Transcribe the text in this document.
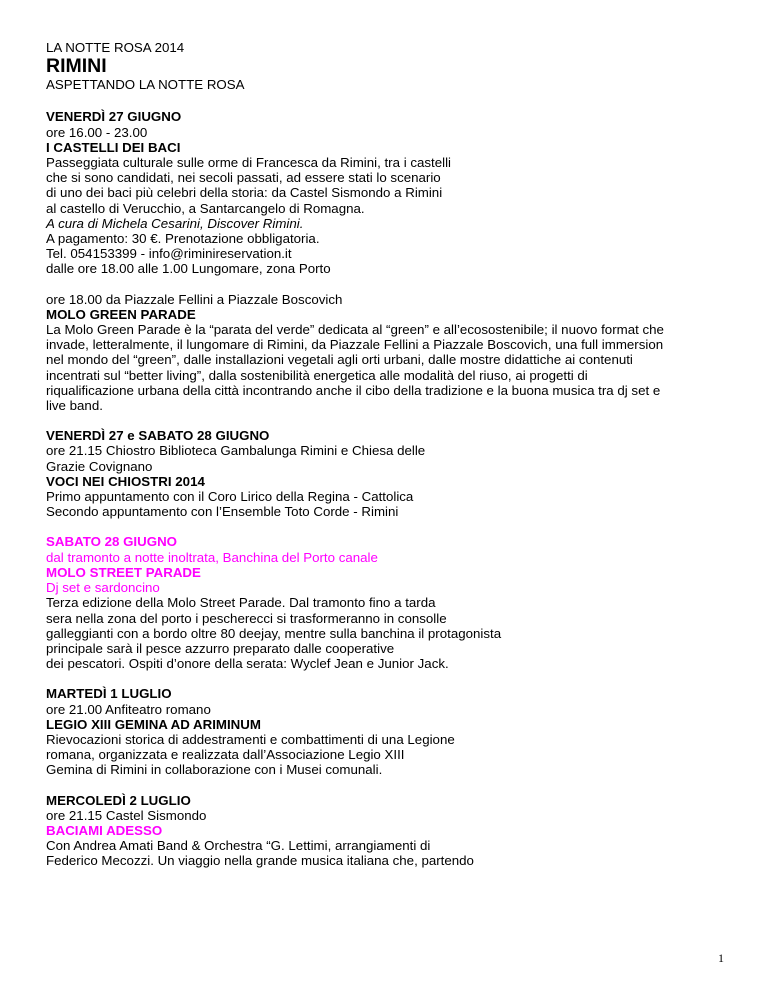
LA NOTTE ROSA 2014

RIMINI

ASPETTANDO LA NOTTE ROSA

VENERDÌ 27 GIUGNO

ore 16.00 - 23.00

I CASTELLI DEI BACI

Passeggiata culturale sulle orme di Francesca da Rimini, tra i castelli

che si sono candidati, nei secoli passati, ad essere stati lo scenario

di uno dei baci più celebri della storia: da Castel Sismondo a Rimini

al castello di Verucchio, a Santarcangelo di Romagna.

A cura di Michela Cesarini, Discover Rimini.

A pagamento: 30 €. Prenotazione obbligatoria.

Tel. 054153399 - info@riminireservation.it

dalle ore 18.00 alle 1.00 Lungomare, zona Porto

ore 18.00 da Piazzale Fellini a Piazzale Boscovich

MOLO GREEN PARADE

La Molo Green Parade è la “parata del verde” dedicata al “green” e all’ecosostenibile; il nuovo format che

invade, letteralmente, il lungomare di Rimini, da Piazzale Fellini a Piazzale Boscovich, una full immersion

nel mondo del “green”, dalle installazioni vegetali agli orti urbani, dalle mostre didattiche ai contenuti

incentrati sul “better living”, dalla sostenibilità energetica alle modalità del riuso, ai progetti di

riqualificazione urbana della città incontrando anche il cibo della tradizione e la buona musica tra dj set e

live band.

VENERDÌ 27 e SABATO 28 GIUGNO

ore 21.15 Chiostro Biblioteca Gambalunga Rimini e Chiesa delle

Grazie Covignano

VOCI NEI CHIOSTRI 2014

Primo appuntamento con il Coro Lirico della Regina - Cattolica

Secondo appuntamento con l’Ensemble Toto Corde - Rimini

SABATO 28 GIUGNO

dal tramonto a notte inoltrata, Banchina del Porto canale

MOLO STREET PARADE

Dj set e sardoncino

Terza edizione della Molo Street Parade. Dal tramonto fino a tarda

sera nella zona del porto i pescherecci si trasformeranno in consolle

galleggianti con a bordo oltre 80 deejay, mentre sulla banchina il protagonista

principale sarà il pesce azzurro preparato dalle cooperative

dei pescatori. Ospiti d’onore della serata: Wyclef Jean e Junior Jack.

MARTEDÌ 1 LUGLIO

ore 21.00 Anfiteatro romano

LEGIO XIII GEMINA AD ARIMINUM

Rievocazioni storica di addestramenti e combattimenti di una Legione

romana, organizzata e realizzata dall’Associazione Legio XIII

Gemina di Rimini in collaborazione con i Musei comunali.

MERCOLEDÌ 2 LUGLIO

ore 21.15 Castel Sismondo

BACIAMI ADESSO

Con Andrea Amati Band & Orchestra “G. Lettimi, arrangiamenti di

Federico Mecozzi. Un viaggio nella grande musica italiana che, partendo

1
